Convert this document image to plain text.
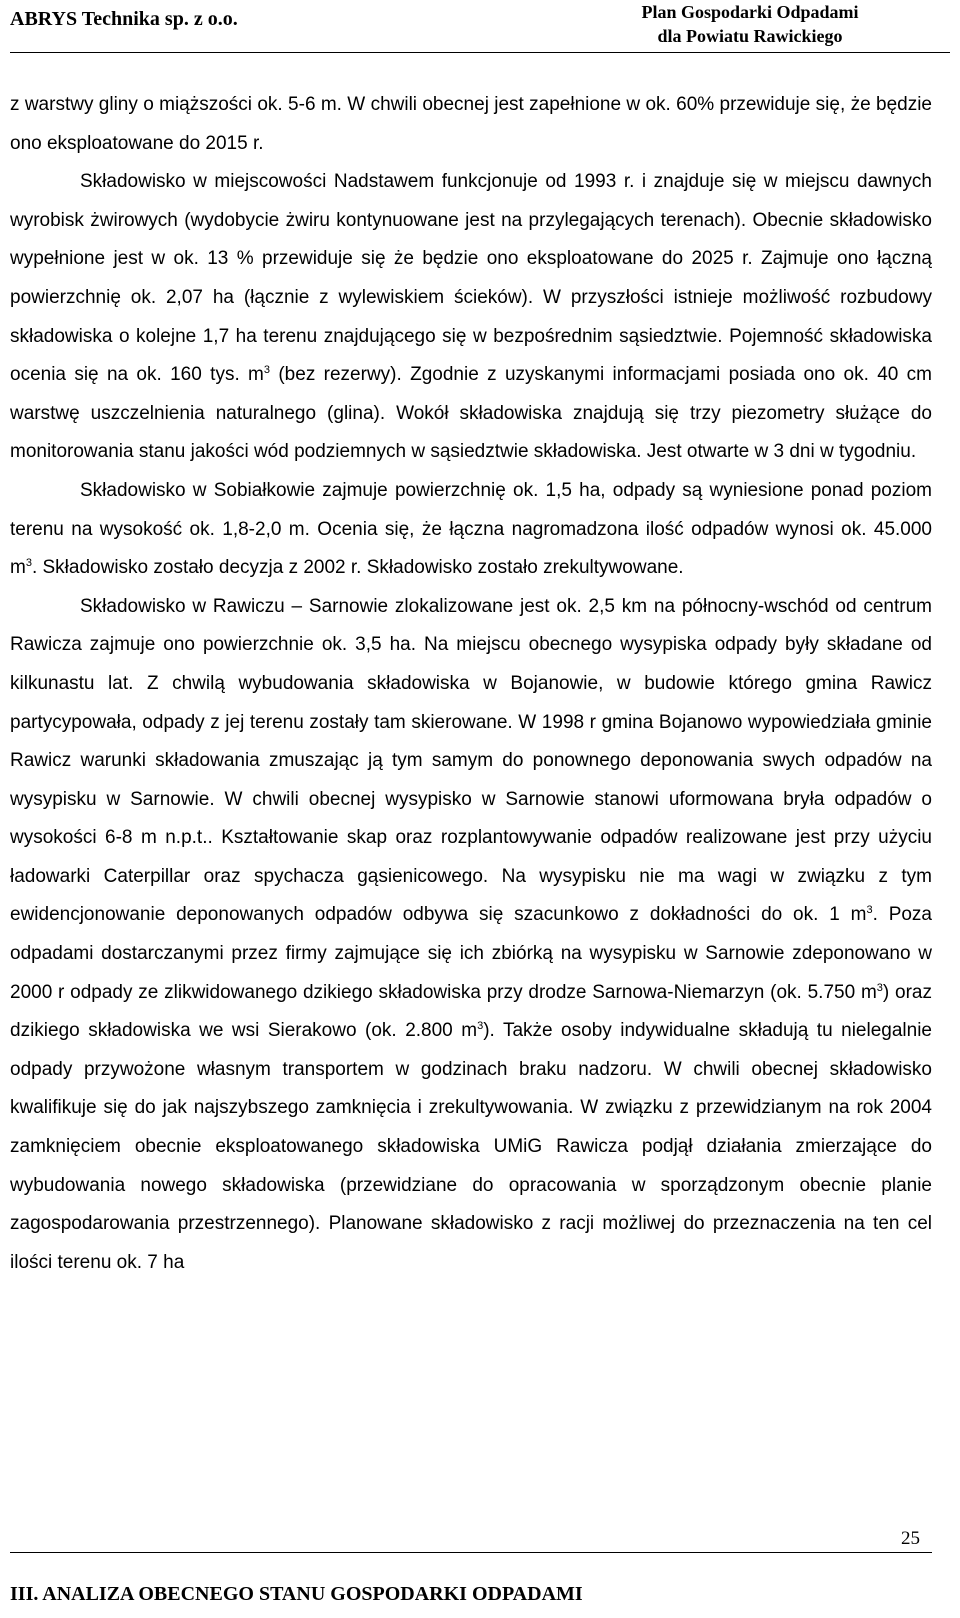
ABRYS Technika sp. z o.o.	Plan Gospodarki Odpadami
dla Powiatu Rawickiego

z warstwy gliny o miąższości ok. 5-6 m. W chwili obecnej jest zapełnione w ok. 60% przewiduje się, że będzie ono eksploatowane do 2015 r.

Składowisko w miejscowości Nadstawem funkcjonuje od 1993 r. i znajduje się w miejscu dawnych wyrobisk żwirowych (wydobycie żwiru kontynuowane jest na przylegających terenach). Obecnie składowisko wypełnione jest w ok. 13 % przewiduje się że będzie ono eksploatowane do 2025 r. Zajmuje ono łączną powierzchnię ok. 2,07 ha (łącznie z wylewiskiem ścieków). W przyszłości istnieje możliwość rozbudowy składowiska o kolejne 1,7 ha terenu znajdującego się w bezpośrednim sąsiedztwie. Pojemność składowiska ocenia się na ok. 160 tys. $m^3$ (bez rezerwy). Zgodnie z uzyskanymi informacjami posiada ono ok. 40 cm warstwę uszczelnienia naturalnego (glina). Wokół składowiska znajdują się trzy piezometry służące do monitorowania stanu jakości wód podziemnych w sąsiedztwie składowiska. Jest otwarte w 3 dni w tygodniu.

Składowisko w Sobiałkowie zajmuje powierzchnię ok. 1,5 ha, odpady są wyniesione ponad poziom terenu na wysokość ok. 1,8-2,0 m. Ocenia się, że łączna nagromadzona ilość odpadów wynosi ok. 45.000 $m^3$. Składowisko zostało decyzja z 2002 r. Składowisko zostało zrekultywowane.

Składowisko w Rawiczu – Sarnowie zlokalizowane jest ok. 2,5 km na północny-wschód od centrum Rawicza zajmuje ono powierzchnie ok. 3,5 ha. Na miejscu obecnego wysypiska odpady były składane od kilkunastu lat. Z chwilą wybudowania składowiska w Bojanowie, w budowie którego gmina Rawicz partycypowała, odpady z jej terenu zostały tam skierowane. W 1998 r gmina Bojanowo wypowiedziała gminie Rawicz warunki składowania zmuszając ją tym samym do ponownego deponowania swych odpadów na wysypisku w Sarnowie. W chwili obecnej wysypisko w Sarnowie stanowi uformowana bryła odpadów o wysokości 6-8 m n.p.t.. Kształtowanie skap oraz rozplantowywanie odpadów realizowane jest przy użyciu ładowarki Caterpillar oraz spychacza gąsienicowego. Na wysypisku nie ma wagi w związku z tym ewidencjonowanie deponowanych odpadów odbywa się szacunkowo z dokładności do ok. 1 $m^3$. Poza odpadami dostarczanymi przez firmy zajmujące się ich zbiórką na wysypisku w Sarnowie zdeponowano w 2000 r odpady ze zlikwidowanego dzikiego składowiska przy drodze Sarnowa-Niemarzyn (ok. 5.750 $m^3$) oraz dzikiego składowiska we wsi Sierakowo (ok. 2.800 $m^3$). Także osoby indywidualne składują tu nielegalnie odpady przywożone własnym transportem w godzinach braku nadzoru. W chwili obecnej składowisko kwalifikuje się do jak najszybszego zamknięcia i zrekultywowania. W związku z przewidzianym na rok 2004 zamknięciem obecnie eksploatowanego składowiska UMiG Rawicza podjął działania zmierzające do wybudowania nowego składowiska (przewidziane do opracowania w sporządzonym obecnie planie zagospodarowania przestrzennego). Planowane składowisko z racji możliwej do przeznaczenia na ten cel ilości terenu ok. 7 ha

25
III. ANALIZA OBECNEGO STANU GOSPODARKI ODPADAMI
